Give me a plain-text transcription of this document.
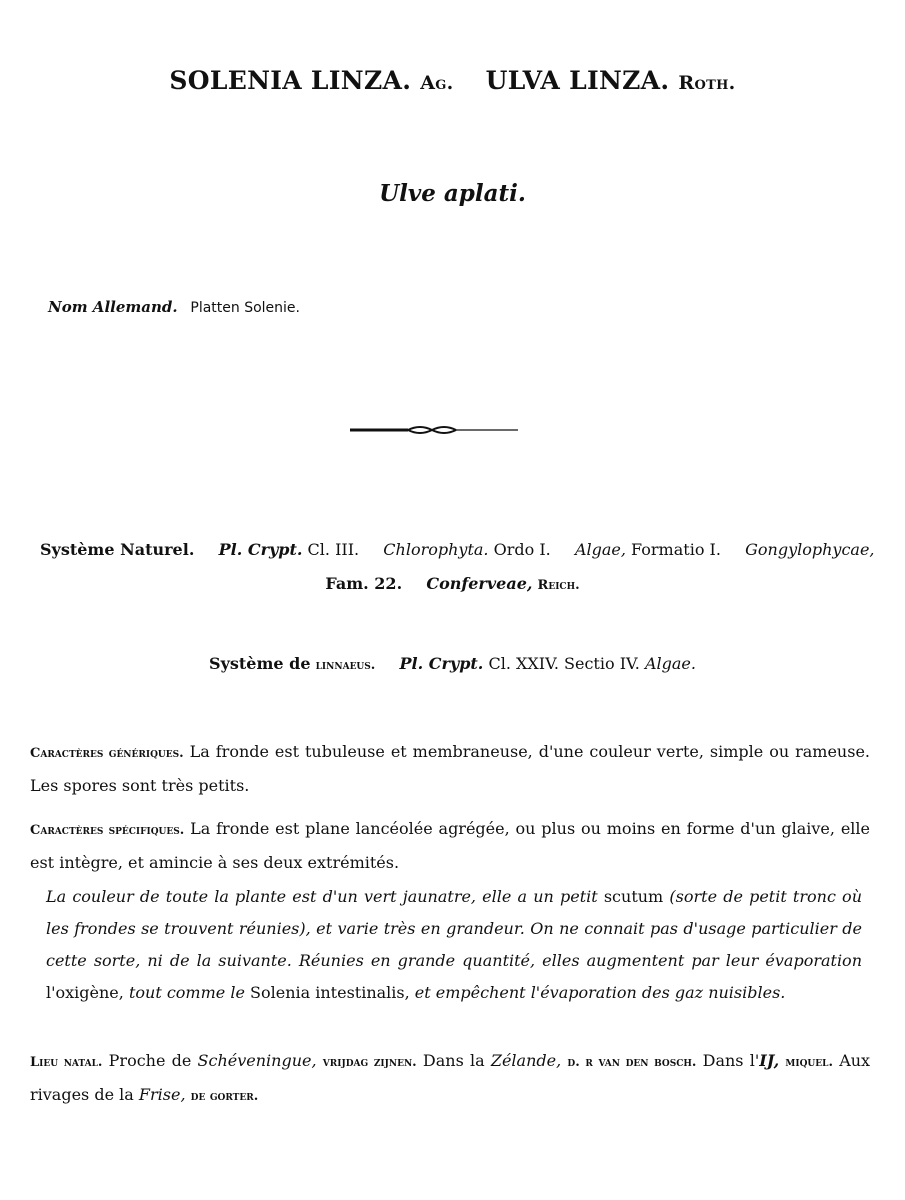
SOLENIA LINZA. Ag. ULVA LINZA. Roth.
Ulve aplati.
Nom Allemand. Platten Solenie.
Système Naturel. Pl. Crypt. Cl. III. Chlorophyta. Ordo I. Algae, Formatio I. Gongylophycae,
Fam. 22. Conferveae, Reich.
Système de linnaeus. Pl. Crypt. Cl. XXIV. Sectio IV. Algae.
Caractères génériques. La fronde est tubuleuse et membraneuse, d'une couleur verte, simple ou rameuse. Les spores sont très petits.
Caractères spécifiques. La fronde est plane lancéolée agrégée, ou plus ou moins en forme d'un glaive, elle est intègre, et amincie à ses deux extrémités.
La couleur de toute la plante est d'un vert jaunatre, elle a un petit scutum (sorte de petit tronc où les frondes se trouvent réunies), et varie très en grandeur. On ne connait pas d'usage particulier de cette sorte, ni de la suivante. Réunies en grande quantité, elles augmentent par leur évaporation l'oxigène, tout comme le Solenia intestinalis, et empêchent l'évaporation des gaz nuisibles.
Lieu natal. Proche de Schéveningue, vrijdag zijnen. Dans la Zélande, d. r van den bosch. Dans l'IJ, miquel. Aux rivages de la Frise, de gorter.
